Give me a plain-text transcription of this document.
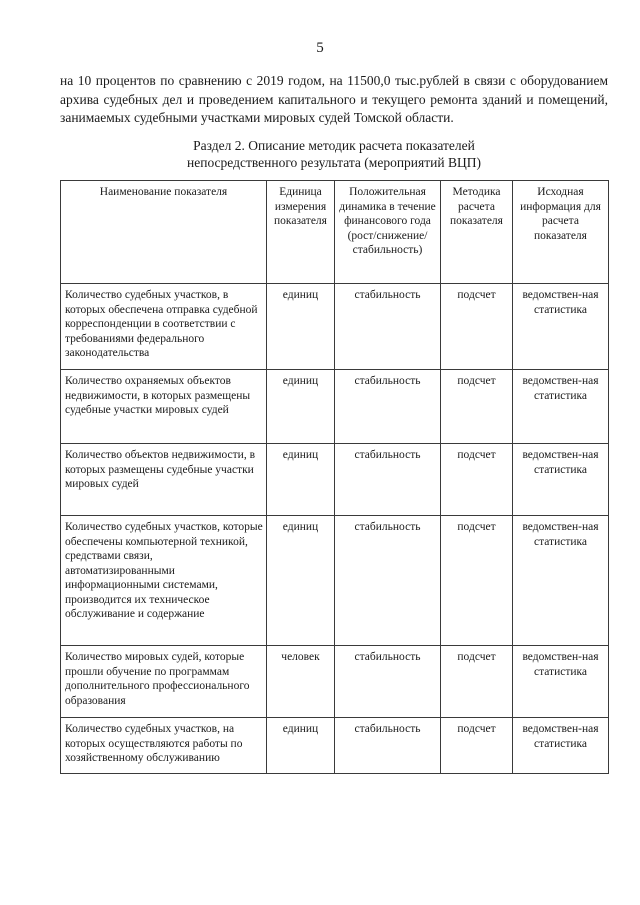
5
на 10 процентов по сравнению с 2019 годом, на 11500,0 тыс.рублей в связи с оборудованием архива судебных дел и проведением капитального и текущего ремонта зданий и помещений, занимаемых судебными участками мировых судей Томской области.
Раздел 2. Описание методик расчета показателей
непосредственного результата (мероприятий ВЦП)
Наименование показателя	Единица измерения показателя	Положительная динамика в течение финансового года (рост/снижение/ стабильность)	Методика расчета показателя	Исходная информация для расчета показателя
Количество судебных участков, в которых обеспечена отправка судебной корреспонденции в соответствии с требованиями федерального законодательства	единиц	стабильность	подсчет	ведомствен-ная статистика
Количество охраняемых объектов недвижимости, в которых размещены судебные участки мировых судей	единиц	стабильность	подсчет	ведомствен-ная статистика
Количество объектов недвижимости, в которых размещены судебные участки мировых судей	единиц	стабильность	подсчет	ведомствен-ная статистика
Количество судебных участков, которые обеспечены компьютерной техникой, средствами связи, автоматизированными информационными системами, производится их техническое обслуживание и содержание	единиц	стабильность	подсчет	ведомствен-ная статистика
Количество мировых судей, которые прошли обучение по программам дополнительного профессионального образования	человек	стабильность	подсчет	ведомствен-ная статистика
Количество судебных участков, на которых осуществляются работы по хозяйственному обслуживанию	единиц	стабильность	подсчет	ведомствен-ная статистика
